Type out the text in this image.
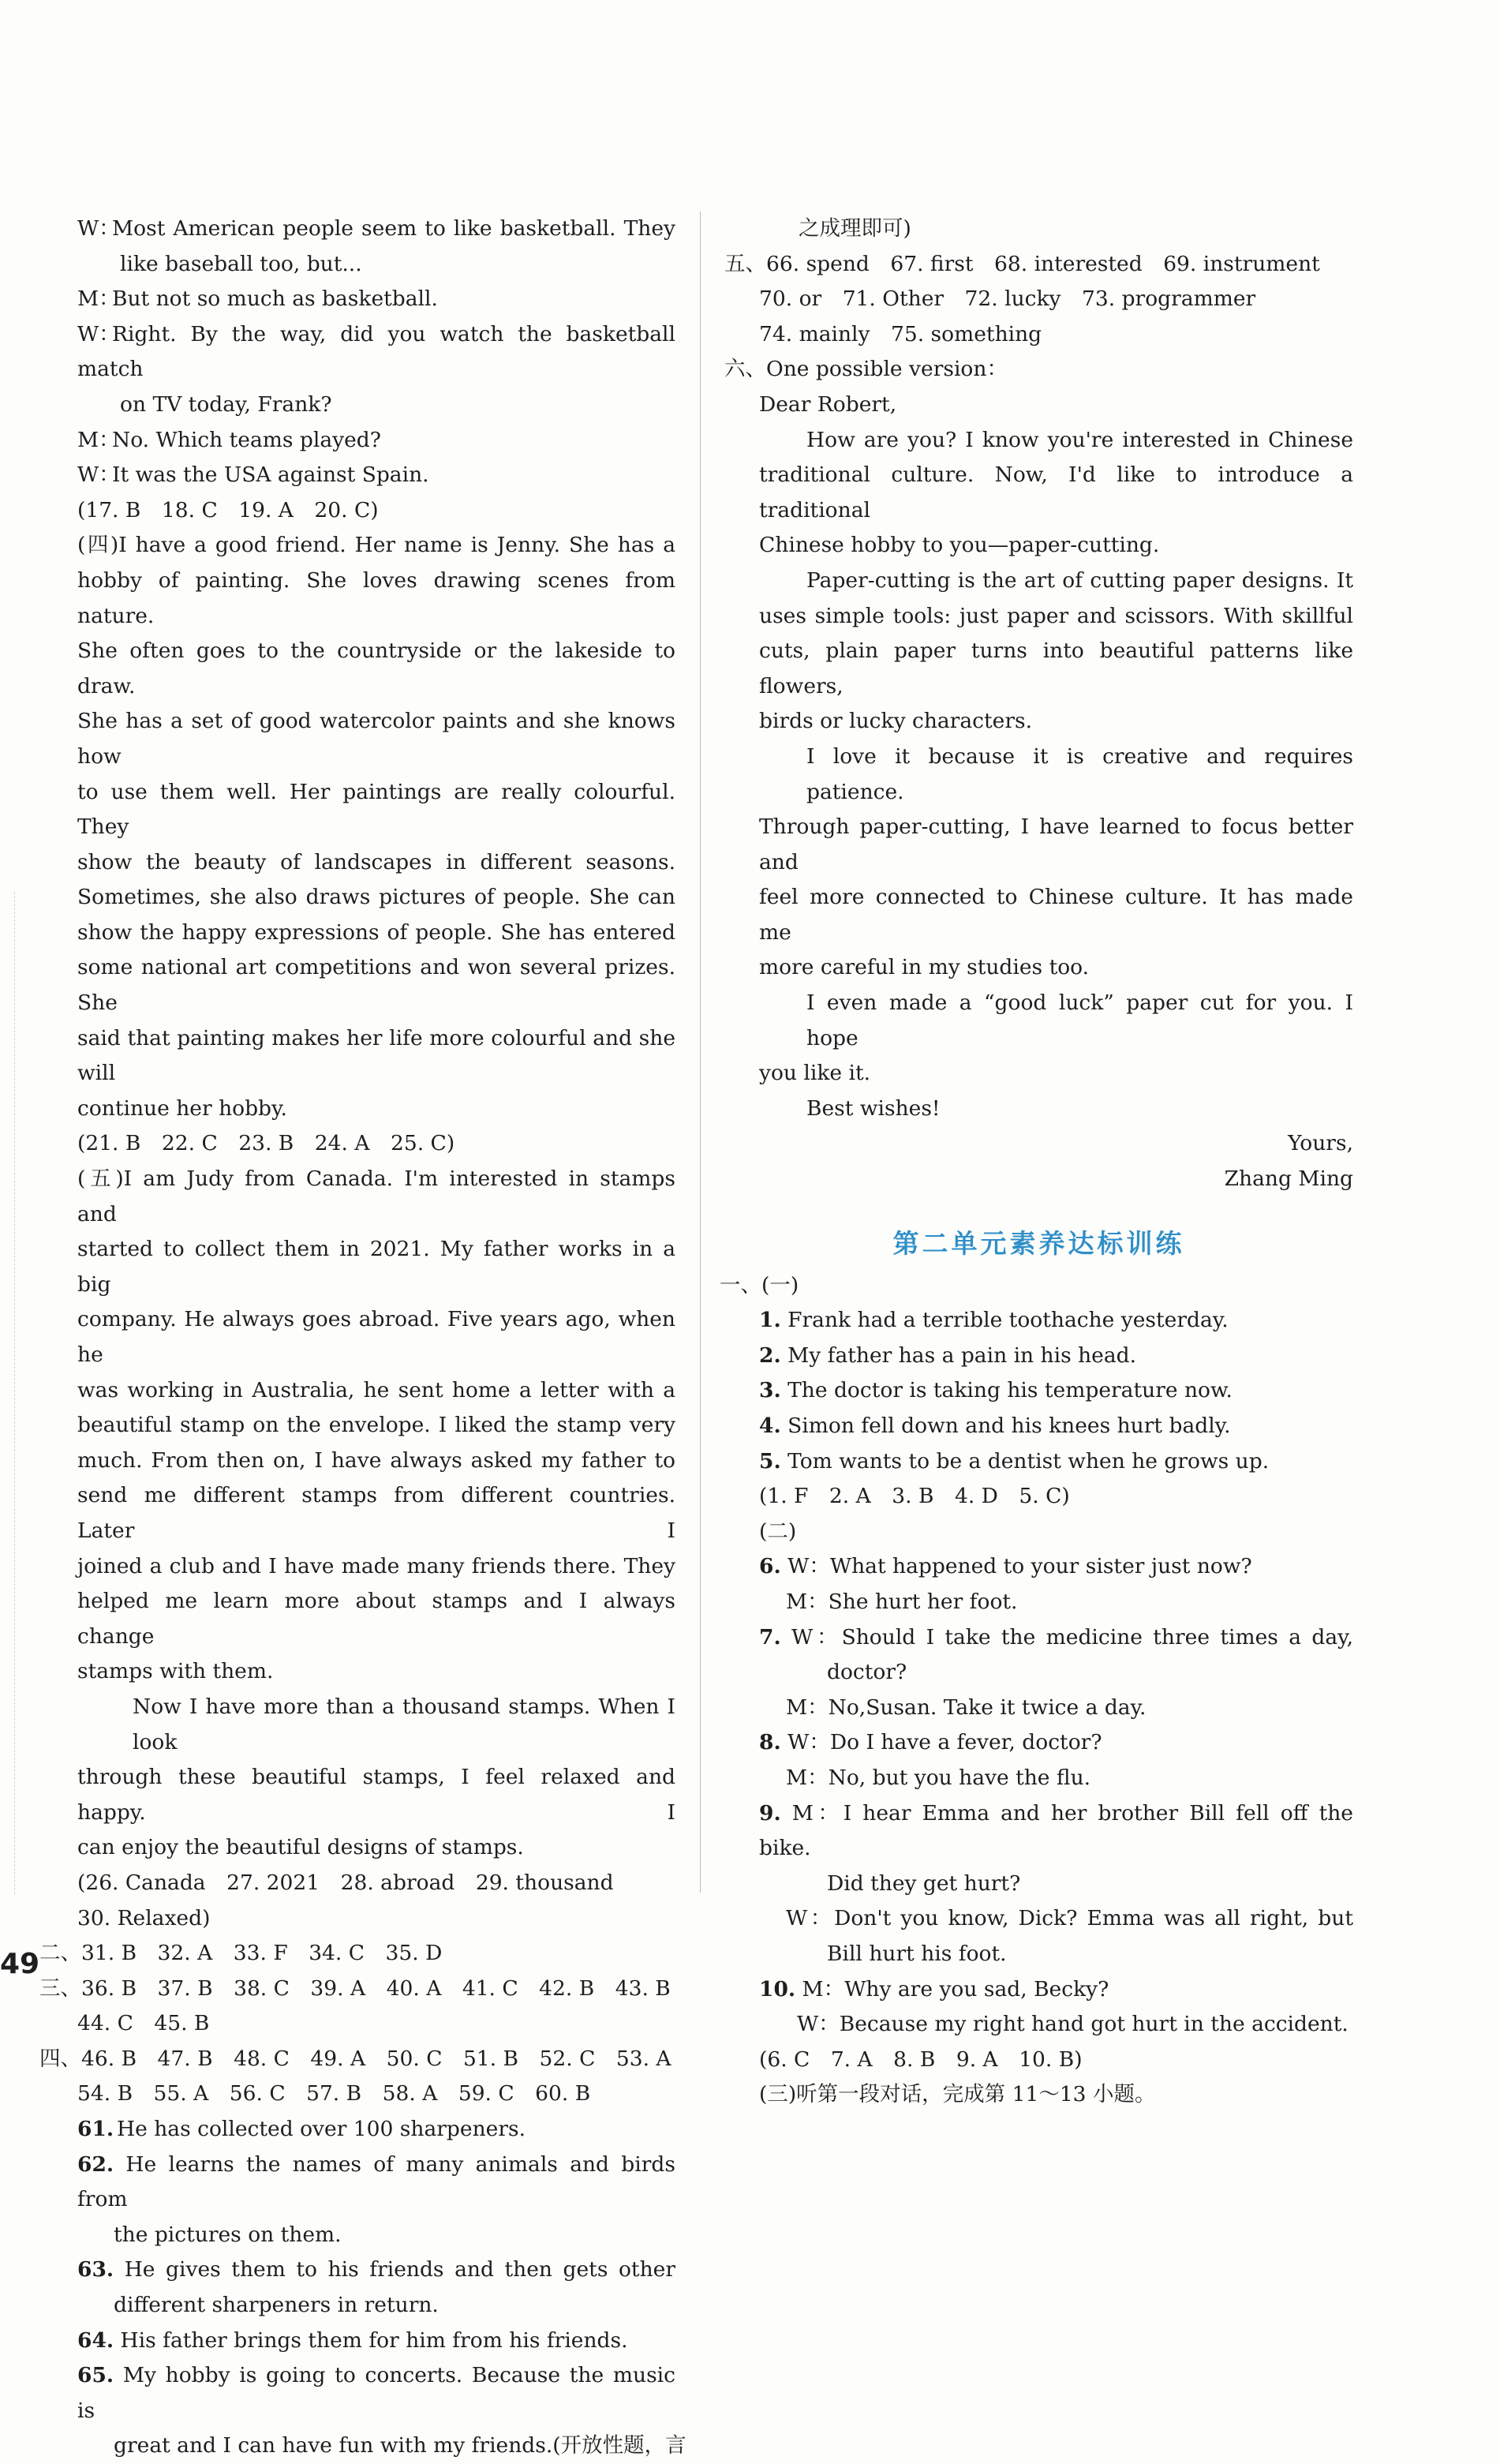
W：Most American people seem to like basketball. They
like baseball too, but...
M：But not so much as basketball.
W：Right. By the way, did you watch the basketball match
on TV today, Frank?
M：No. Which teams played?
W：It was the USA against Spain.
(17. B　18. C　19. A　20. C)
(四)I have a good friend. Her name is Jenny. She has a
hobby of painting. She loves drawing scenes from nature.
She often goes to the countryside or the lakeside to draw.
She has a set of good watercolor paints and she knows how
to use them well. Her paintings are really colourful. They
show the beauty of landscapes in different seasons.
Sometimes, she also draws pictures of people. She can
show the happy expressions of people. She has entered
some national art competitions and won several prizes. She
said that painting makes her life more colourful and she will
continue her hobby.
(21. B　22. C　23. B　24. A　25. C)
(五)I am Judy from Canada. I'm interested in stamps and
started to collect them in 2021. My father works in a big
company. He always goes abroad. Five years ago, when he
was working in Australia, he sent home a letter with a
beautiful stamp on the envelope. I liked the stamp very
much. From then on, I have always asked my father to
send me different stamps from different countries. Later I
joined a club and I have made many friends there. They
helped me learn more about stamps and I always change
stamps with them.
Now I have more than a thousand stamps. When I look
through these beautiful stamps, I feel relaxed and happy. I
can enjoy the beautiful designs of stamps.
(26. Canada　27. 2021　28. abroad　29. thousand
30. Relaxed)
二、31. B　32. A　33. F　34. C　35. D
三、36. B　37. B　38. C　39. A　40. A　41. C　42. B　43. B
44. C　45. B
四、46. B　47. B　48. C　49. A　50. C　51. B　52. C　53. A
54. B　55. A　56. C　57. B　58. A　59. C　60. B
61. He has collected over 100 sharpeners.
62. He learns the names of many animals and birds from
the pictures on them.
63. He gives them to his friends and then gets other
different sharpeners in return.
64. His father brings them for him from his friends.
65. My hobby is going to concerts. Because the music is
great and I can have fun with my friends.(开放性题，言
之成理即可)
五、66. spend　67. first　68. interested　69. instrument
70. or　71. Other　72. lucky　73. programmer
74. mainly　75. something
六、One possible version：
Dear Robert,
How are you? I know you're interested in Chinese
traditional culture. Now, I'd like to introduce a traditional
Chinese hobby to you—paper-cutting.
Paper-cutting is the art of cutting paper designs. It
uses simple tools: just paper and scissors. With skillful
cuts, plain paper turns into beautiful patterns like flowers,
birds or lucky characters.
I love it because it is creative and requires patience.
Through paper-cutting, I have learned to focus better and
feel more connected to Chinese culture. It has made me
more careful in my studies too.
I even made a “good luck” paper cut for you. I hope
you like it.
Best wishes!
Yours,
Zhang Ming
第二单元素养达标训练
一、(一)
1. Frank had a terrible toothache yesterday.
2. My father has a pain in his head.
3. The doctor is taking his temperature now.
4. Simon fell down and his knees hurt badly.
5. Tom wants to be a dentist when he grows up.
(1. F　2. A　3. B　4. D　5. C)
(二)
6. W：What happened to your sister just now?
M：She hurt her foot.
7. W：Should I take the medicine three times a day,
doctor?
M：No,Susan. Take it twice a day.
8. W：Do I have a fever, doctor?
M：No, but you have the flu.
9. M：I hear Emma and her brother Bill fell off the bike.
Did they get hurt?
W：Don't you know, Dick? Emma was all right, but
Bill hurt his foot.
10. M：Why are you sad, Becky?
W：Because my right hand got hurt in the accident.
(6. C　7. A　8. B　9. A　10. B)
(三)听第一段对话，完成第 11～13 小题。
49
